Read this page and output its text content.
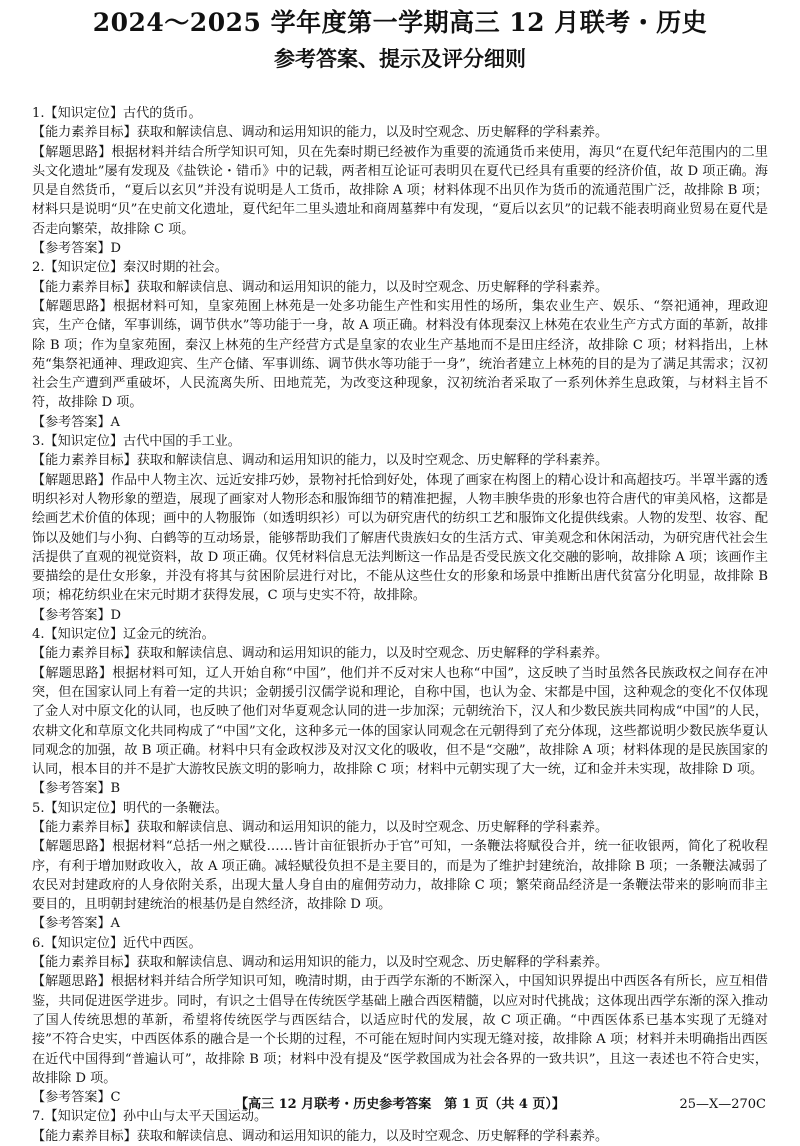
2024～2025 学年度第一学期高三 12 月联考・历史
参考答案、提示及评分细则
1.【知识定位】古代的货币。
【能力素养目标】获取和解读信息、调动和运用知识的能力，以及时空观念、历史解释的学科素养。
【解题思路】根据材料并结合所学知识可知，贝在先秦时期已经被作为重要的流通货币来使用，海贝“在夏代纪年范围内的二里头文化遗址”屡有发现及《盐铁论・错币》中的记载，两者相互论证可表明贝在夏代已经具有重要的经济价值，故 D 项正确。海贝是自然货币，“夏后以玄贝”并没有说明是人工货币，故排除 A 项；材料体现不出贝作为货币的流通范围广泛，故排除 B 项；材料只是说明“贝”在史前文化遗址，夏代纪年二里头遗址和商周墓葬中有发现，“夏后以玄贝”的记载不能表明商业贸易在夏代是否走向繁荣，故排除 C 项。
【参考答案】D
2.【知识定位】秦汉时期的社会。
【能力素养目标】获取和解读信息、调动和运用知识的能力，以及时空观念、历史解释的学科素养。
【解题思路】根据材料可知，皇家苑囿上林苑是一处多功能生产性和实用性的场所，集农业生产、娱乐、“祭祀通神，理政迎宾，生产仓储，军事训练，调节供水”等功能于一身，故 A 项正确。材料没有体现秦汉上林苑在农业生产方式方面的革新，故排除 B 项；作为皇家苑囿，秦汉上林苑的生产经营方式是皇家的农业生产基地而不是田庄经济，故排除 C 项；材料指出，上林苑“集祭祀通神、理政迎宾、生产仓储、军事训练、调节供水等功能于一身”，统治者建立上林苑的目的是为了满足其需求；汉初社会生产遭到严重破坏，人民流离失所、田地荒芜，为改变这种现象，汉初统治者采取了一系列休养生息政策，与材料主旨不符，故排除 D 项。
【参考答案】A
3.【知识定位】古代中国的手工业。
【能力素养目标】获取和解读信息、调动和运用知识的能力，以及时空观念、历史解释的学科素养。
【解题思路】作品中人物主次、远近安排巧妙，景物衬托恰到好处，体现了画家在构图上的精心设计和高超技巧。半罩半露的透明织衫对人物形象的塑造，展现了画家对人物形态和服饰细节的精准把握，人物丰腴华贵的形象也符合唐代的审美风格，这都是绘画艺术价值的体现；画中的人物服饰（如透明织衫）可以为研究唐代的纺织工艺和服饰文化提供线索。人物的发型、妆容、配饰以及她们与小狗、白鹤等的互动场景，能够帮助我们了解唐代贵族妇女的生活方式、审美观念和休闲活动，为研究唐代社会生活提供了直观的视觉资料，故 D 项正确。仅凭材料信息无法判断这一作品是否受民族文化交融的影响，故排除 A 项；该画作主要描绘的是仕女形象，并没有将其与贫困阶层进行对比，不能从这些仕女的形象和场景中推断出唐代贫富分化明显，故排除 B 项；棉花纺织业在宋元时期才获得发展，C 项与史实不符，故排除。
【参考答案】D
4.【知识定位】辽金元的统治。
【能力素养目标】获取和解读信息、调动和运用知识的能力，以及时空观念、历史解释的学科素养。
【解题思路】根据材料可知，辽人开始自称“中国”，他们并不反对宋人也称“中国”，这反映了当时虽然各民族政权之间存在冲突，但在国家认同上有着一定的共识；金朝援引汉儒学说和理论，自称中国，也认为金、宋都是中国，这种观念的变化不仅体现了金人对中原文化的认同，也反映了他们对华夏观念认同的进一步加深；元朝统治下，汉人和少数民族共同构成“中国”的人民，农耕文化和草原文化共同构成了“中国”文化，这种多元一体的国家认同观念在元朝得到了充分体现，这些都说明少数民族华夏认同观念的加强，故 B 项正确。材料中只有金政权涉及对汉文化的吸收，但不是“交融”，故排除 A 项；材料体现的是民族国家的认同，根本目的并不是扩大游牧民族文明的影响力，故排除 C 项；材料中元朝实现了大一统，辽和金并未实现，故排除 D 项。
【参考答案】B
5.【知识定位】明代的一条鞭法。
【能力素养目标】获取和解读信息、调动和运用知识的能力，以及时空观念、历史解释的学科素养。
【解题思路】根据材料“总括一州之赋役……皆计亩征银折办于官”可知，一条鞭法将赋役合并，统一征收银两，简化了税收程序，有利于增加财政收入，故 A 项正确。减轻赋役负担不是主要目的，而是为了维护封建统治，故排除 B 项；一条鞭法减弱了农民对封建政府的人身依附关系，出现大量人身自由的雇佣劳动力，故排除 C 项；繁荣商品经济是一条鞭法带来的影响而非主要目的，且明朝封建统治的根基仍是自然经济，故排除 D 项。
【参考答案】A
6.【知识定位】近代中西医。
【能力素养目标】获取和解读信息、调动和运用知识的能力，以及时空观念、历史解释的学科素养。
【解题思路】根据材料并结合所学知识可知，晚清时期，由于西学东渐的不断深入，中国知识界提出中西医各有所长，应互相借鉴，共同促进医学进步。同时，有识之士倡导在传统医学基础上融合西医精髓，以应对时代挑战；这体现出西学东渐的深入推动了国人传统思想的革新，希望将传统医学与西医结合，以适应时代的发展，故 C 项正确。“中西医体系已基本实现了无缝对接”不符合史实，中西医体系的融合是一个长期的过程，不可能在短时间内实现无缝对接，故排除 A 项；材料并未明确指出西医在近代中国得到“普遍认可”，故排除 B 项；材料中没有提及“医学救国成为社会各界的一致共识”，且这一表述也不符合史实，故排除 D 项。
【参考答案】C
7.【知识定位】孙中山与太平天国运动。
【能力素养目标】获取和解读信息、调动和运用知识的能力，以及时空观念、历史解释的学科素养。
【高三 12 月联考・历史参考答案　第 1 页（共 4 页）】	25—X—270C
